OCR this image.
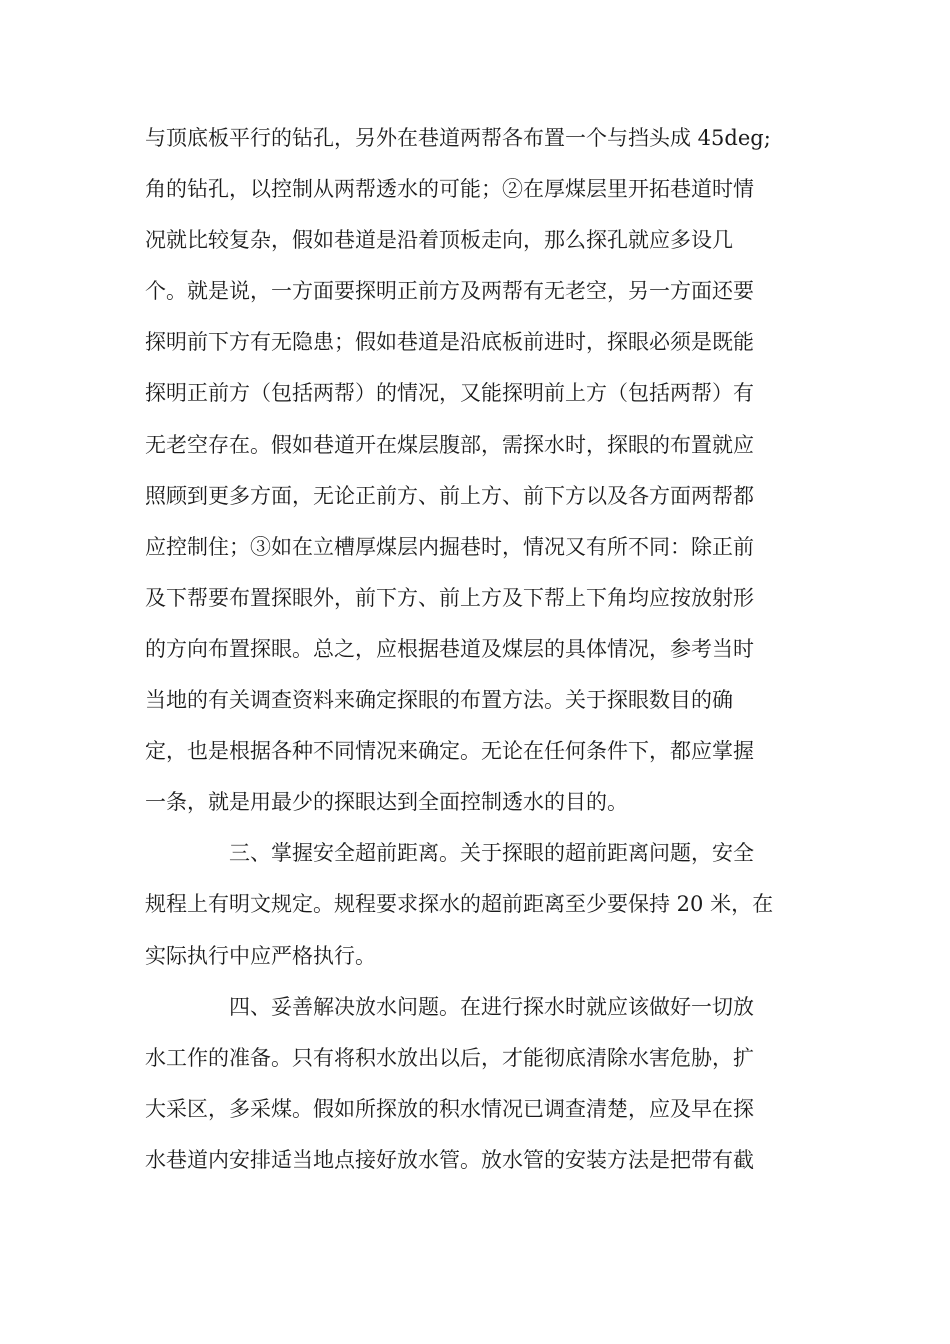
与顶底板平行的钻孔，另外在巷道两帮各布置一个与挡头成 45deg;
角的钻孔，以控制从两帮透水的可能；②在厚煤层里开拓巷道时情
况就比较复杂，假如巷道是沿着顶板走向，那么探孔就应多设几
个。就是说，一方面要探明正前方及两帮有无老空，另一方面还要
探明前下方有无隐患；假如巷道是沿底板前进时，探眼必须是既能
探明正前方（包括两帮）的情况，又能探明前上方（包括两帮）有
无老空存在。假如巷道开在煤层腹部，需探水时，探眼的布置就应
照顾到更多方面，无论正前方、前上方、前下方以及各方面两帮都
应控制住；③如在立槽厚煤层内掘巷时，情况又有所不同：除正前
及下帮要布置探眼外，前下方、前上方及下帮上下角均应按放射形
的方向布置探眼。总之，应根据巷道及煤层的具体情况，参考当时
当地的有关调查资料来确定探眼的布置方法。关于探眼数目的确
定，也是根据各种不同情况来确定。无论在任何条件下，都应掌握
一条，就是用最少的探眼达到全面控制透水的目的。
三、掌握安全超前距离。关于探眼的超前距离问题，安全
规程上有明文规定。规程要求探水的超前距离至少要保持 20 米，在
实际执行中应严格执行。
四、妥善解决放水问题。在进行探水时就应该做好一切放
水工作的准备。只有将积水放出以后，才能彻底清除水害危胁，扩
大采区，多采煤。假如所探放的积水情况已调查清楚，应及早在探
水巷道内安排适当地点接好放水管。放水管的安装方法是把带有截
